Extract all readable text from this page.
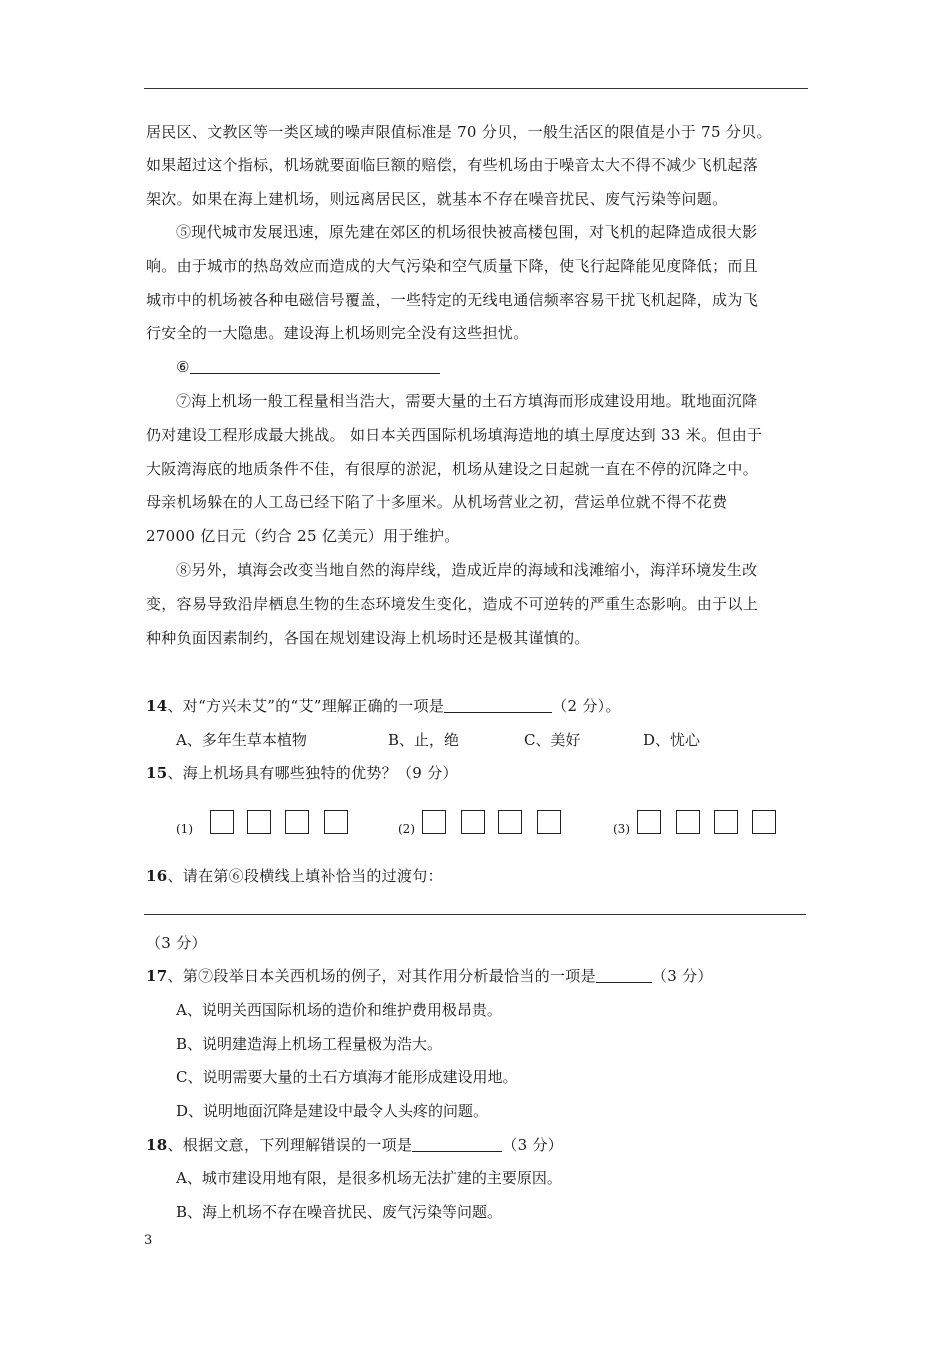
居民区、文教区等一类区域的噪声限值标准是 70 分贝，一般生活区的限值是小于 75 分贝。
如果超过这个指标，机场就要面临巨额的赔偿，有些机场由于噪音太大不得不减少飞机起落
架次。如果在海上建机场，则远离居民区，就基本不存在噪音扰民、废气污染等问题。
⑤现代城市发展迅速，原先建在郊区的机场很快被高楼包围，对飞机的起降造成很大影
响。由于城市的热岛效应而造成的大气污染和空气质量下降，使飞行起降能见度降低；而且
城市中的机场被各种电磁信号覆盖，一些特定的无线电通信频率容易干扰飞机起降，成为飞
行安全的一大隐患。建设海上机场则完全没有这些担忧。
⑥
⑦海上机场一般工程量相当浩大，需要大量的土石方填海而形成建设用地。耽地面沉降
仍对建设工程形成最大挑战。 如日本关西国际机场填海造地的填土厚度达到 33 米。但由于
大阪湾海底的地质条件不佳，有很厚的淤泥，机场从建设之日起就一直在不停的沉降之中。
母亲机场躲在的人工岛已经下陷了十多厘米。从机场营业之初，营运单位就不得不花费
27000 亿日元（约合 25 亿美元）用于维护。
⑧另外，填海会改变当地自然的海岸线，造成近岸的海域和浅滩缩小，海洋环境发生改
变，容易导致沿岸栖息生物的生态环境发生变化，造成不可逆转的严重生态影响。由于以上
种种负面因素制约，各国在规划建设海上机场时还是极其谨慎的。
14、对“方兴未艾”的“艾”理解正确的一项是	（2 分）。
A、多年生草本植物	B、止，绝	C、美好	D、忧心
15、海上机场具有哪些独特的优势？（9 分）
(1)	(2)	(3)
16、请在第⑥段横线上填补恰当的过渡句：
（3 分）
17、第⑦段举日本关西机场的例子，对其作用分析最恰当的一项是	（3 分）
A、说明关西国际机场的造价和维护费用极昂贵。
B、说明建造海上机场工程量极为浩大。
C、说明需要大量的土石方填海才能形成建设用地。
D、说明地面沉降是建设中最令人头疼的问题。
18、根据文意，下列理解错误的一项是	（3 分）
A、城市建设用地有限，是很多机场无法扩建的主要原因。
B、海上机场不存在噪音扰民、废气污染等问题。
3
